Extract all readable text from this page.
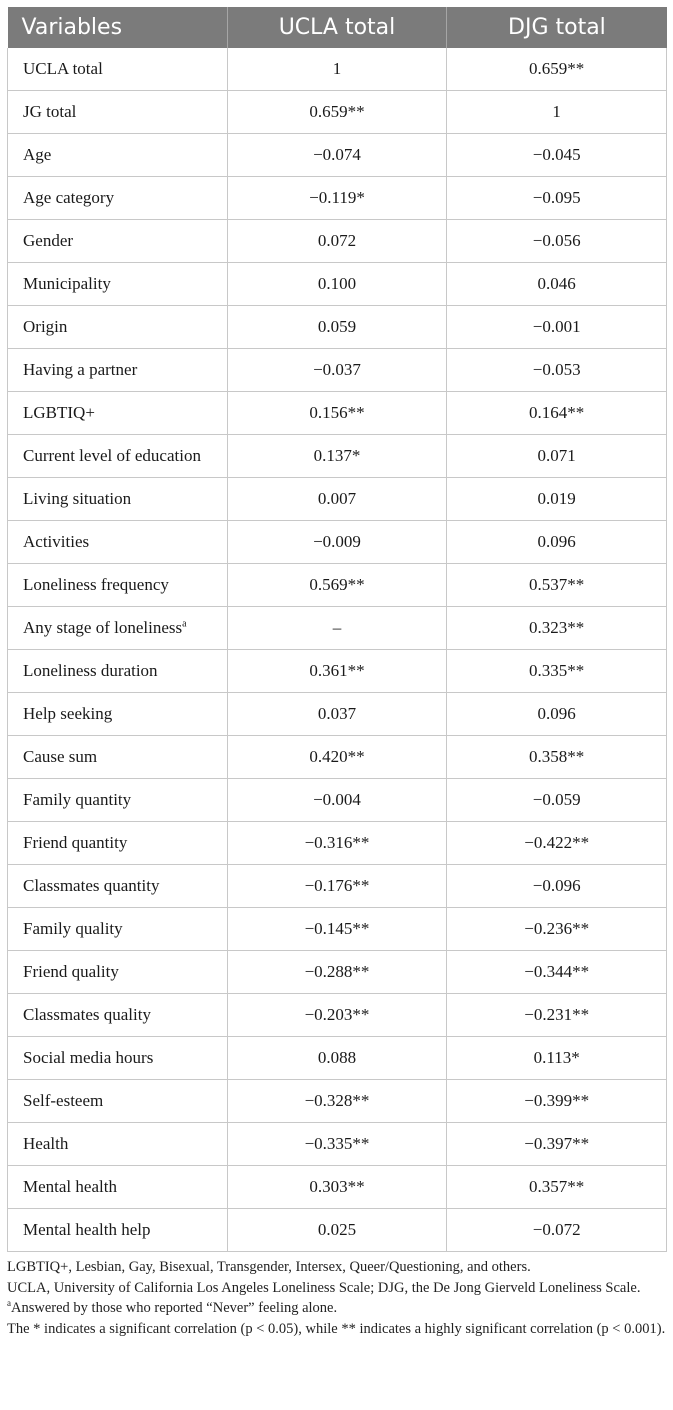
Variables	UCLA total	DJG total
UCLA total	1	0.659**
JG total	0.659**	1
Age	−0.074	−0.045
Age category	−0.119*	−0.095
Gender	0.072	−0.056
Municipality	0.100	0.046
Origin	0.059	−0.001
Having a partner	−0.037	−0.053
LGBTIQ+	0.156**	0.164**
Current level of education	0.137*	0.071
Living situation	0.007	0.019
Activities	−0.009	0.096
Loneliness frequency	0.569**	0.537**
Any stage of loneliness$^a$	–	0.323**
Loneliness duration	0.361**	0.335**
Help seeking	0.037	0.096
Cause sum	0.420**	0.358**
Family quantity	−0.004	−0.059
Friend quantity	−0.316**	−0.422**
Classmates quantity	−0.176**	−0.096
Family quality	−0.145**	−0.236**
Friend quality	−0.288**	−0.344**
Classmates quality	−0.203**	−0.231**
Social media hours	0.088	0.113*
Self-esteem	−0.328**	−0.399**
Health	−0.335**	−0.397**
Mental health	0.303**	0.357**
Mental health help	0.025	−0.072

LGBTIQ+, Lesbian, Gay, Bisexual, Transgender, Intersex, Queer/Questioning, and others.

UCLA, University of California Los Angeles Loneliness Scale; DJG, the De Jong Gierveld Loneliness Scale.

$^a$Answered by those who reported “Never” feeling alone.

The * indicates a significant correlation (p < 0.05), while ** indicates a highly significant correlation (p < 0.001).
